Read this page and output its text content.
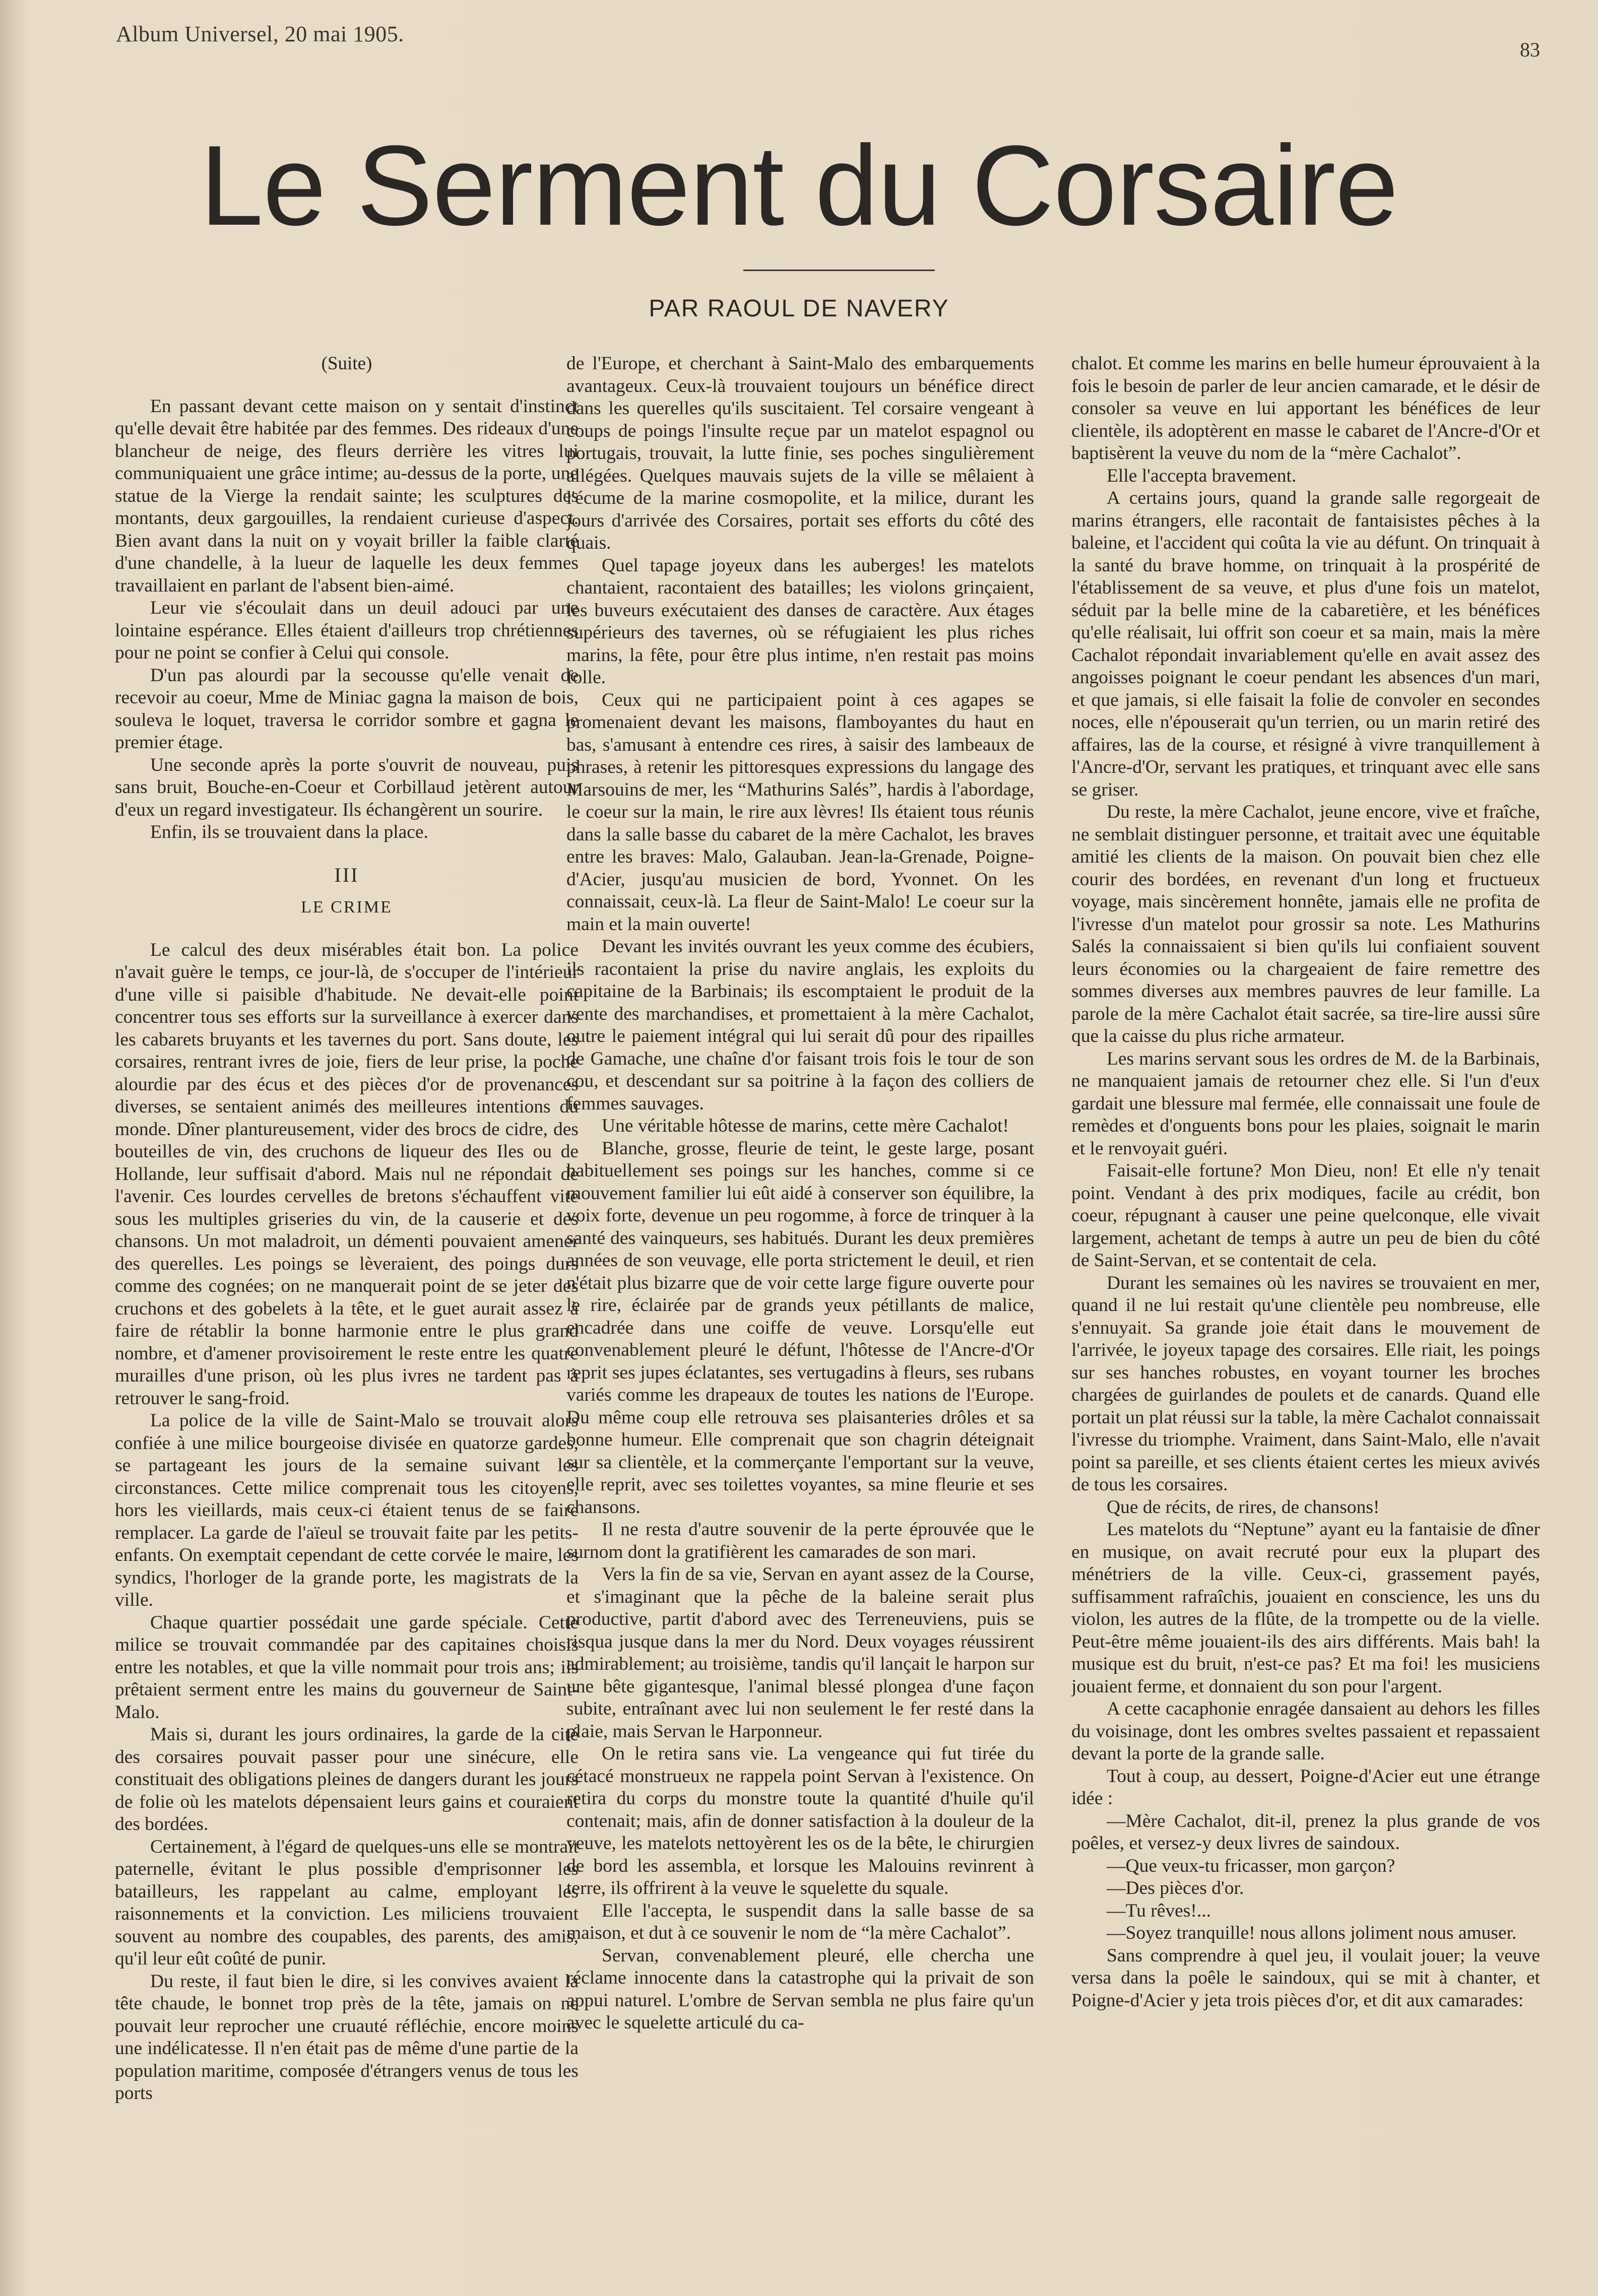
Album Universel, 20 mai 1905.
83
Le Serment du Corsaire
PAR RAOUL DE NAVERY

(Suite)

En passant devant cette maison on y sentait d'instinct qu'elle devait être habitée par des femmes. Des rideaux d'une blancheur de neige, des fleurs derrière les vitres lui communiquaient une grâce intime; au-dessus de la porte, une statue de la Vierge la rendait sainte; les sculptures des montants, deux gargouilles, la rendaient curieuse d'aspect. Bien avant dans la nuit on y voyait briller la faible clarté d'une chandelle, à la lueur de laquelle les deux femmes travaillaient en parlant de l'absent bien-aimé.

Leur vie s'écoulait dans un deuil adouci par une lointaine espérance. Elles étaient d'ailleurs trop chrétiennes pour ne point se confier à Celui qui console.

D'un pas alourdi par la secousse qu'elle venait de recevoir au coeur, Mme de Miniac gagna la maison de bois, souleva le loquet, traversa le corridor sombre et gagna le premier étage.

Une seconde après la porte s'ouvrit de nouveau, puis sans bruit, Bouche-en-Coeur et Corbillaud jetèrent autour d'eux un regard investigateur. Ils échangèrent un sourire.

Enfin, ils se trouvaient dans la place.

III

LE CRIME

Le calcul des deux misérables était bon. La police n'avait guère le temps, ce jour-là, de s'occuper de l'intérieur d'une ville si paisible d'habitude. Ne devait-elle point concentrer tous ses efforts sur la surveillance à exercer dans les cabarets bruyants et les tavernes du port. Sans doute, les corsaires, rentrant ivres de joie, fiers de leur prise, la poche alourdie par des écus et des pièces d'or de provenances diverses, se sentaient animés des meilleures intentions du monde. Dîner plantureusement, vider des brocs de cidre, des bouteilles de vin, des cruchons de liqueur des Iles ou de Hollande, leur suffisait d'abord. Mais nul ne répondait de l'avenir. Ces lourdes cervelles de bretons s'échauffent vite sous les multiples griseries du vin, de la causerie et des chansons. Un mot maladroit, un démenti pouvaient amener des querelles. Les poings se lèveraient, des poings durs comme des cognées; on ne manquerait point de se jeter des cruchons et des gobelets à la tête, et le guet aurait assez à faire de rétablir la bonne harmonie entre le plus grand nombre, et d'amener provisoirement le reste entre les quatre murailles d'une prison, où les plus ivres ne tardent pas à retrouver le sang-froid.

La police de la ville de Saint-Malo se trouvait alors confiée à une milice bourgeoise divisée en quatorze gardes, se partageant les jours de la semaine suivant les circonstances. Cette milice comprenait tous les citoyens, hors les vieillards, mais ceux-ci étaient tenus de se faire remplacer. La garde de l'aïeul se trouvait faite par les petits-enfants. On exemptait cependant de cette corvée le maire, les syndics, l'horloger de la grande porte, les magistrats de la ville.

Chaque quartier possédait une garde spéciale. Cette milice se trouvait commandée par des capitaines choisis entre les notables, et que la ville nommait pour trois ans; ils prêtaient serment entre les mains du gouverneur de Saint-Malo.

Mais si, durant les jours ordinaires, la garde de la cité des corsaires pouvait passer pour une sinécure, elle constituait des obligations pleines de dangers durant les jours de folie où les matelots dépensaient leurs gains et couraient des bordées.

Certainement, à l'égard de quelques-uns elle se montrait paternelle, évitant le plus possible d'emprisonner les batailleurs, les rappelant au calme, employant les raisonnements et la conviction. Les miliciens trouvaient souvent au nombre des coupables, des parents, des amis, qu'il leur eût coûté de punir.

Du reste, il faut bien le dire, si les convives avaient la tête chaude, le bonnet trop près de la tête, jamais on ne pouvait leur reprocher une cruauté réfléchie, encore moins une indélicatesse. Il n'en était pas de même d'une partie de la population maritime, composée d'étrangers venus de tous les ports

de l'Europe, et cherchant à Saint-Malo des embarquements avantageux. Ceux-là trouvaient toujours un bénéfice direct dans les querelles qu'ils suscitaient. Tel corsaire vengeant à coups de poings l'insulte reçue par un matelot espagnol ou portugais, trouvait, la lutte finie, ses poches singulièrement allégées. Quelques mauvais sujets de la ville se mêlaient à l'écume de la marine cosmopolite, et la milice, durant les jours d'arrivée des Corsaires, portait ses efforts du côté des quais.

Quel tapage joyeux dans les auberges! les matelots chantaient, racontaient des batailles; les violons grinçaient, les buveurs exécutaient des danses de caractère. Aux étages supérieurs des tavernes, où se réfugiaient les plus riches marins, la fête, pour être plus intime, n'en restait pas moins folle.

Ceux qui ne participaient point à ces agapes se promenaient devant les maisons, flamboyantes du haut en bas, s'amusant à entendre ces rires, à saisir des lambeaux de phrases, à retenir les pittoresques expressions du langage des Marsouins de mer, les “Mathurins Salés”, hardis à l'abordage, le coeur sur la main, le rire aux lèvres! Ils étaient tous réunis dans la salle basse du cabaret de la mère Cachalot, les braves entre les braves: Malo, Galauban. Jean-la-Grenade, Poigne-d'Acier, jusqu'au musicien de bord, Yvonnet. On les connaissait, ceux-là. La fleur de Saint-Malo! Le coeur sur la main et la main ouverte!

Devant les invités ouvrant les yeux comme des écubiers, ils racontaient la prise du navire anglais, les exploits du capitaine de la Barbinais; ils escomptaient le produit de la vente des marchandises, et promettaient à la mère Cachalot, outre le paiement intégral qui lui serait dû pour des ripailles de Gamache, une chaîne d'or faisant trois fois le tour de son cou, et descendant sur sa poitrine à la façon des colliers de femmes sauvages.

Une véritable hôtesse de marins, cette mère Cachalot!

Blanche, grosse, fleurie de teint, le geste large, posant habituellement ses poings sur les hanches, comme si ce mouvement familier lui eût aidé à conserver son équilibre, la voix forte, devenue un peu rogomme, à force de trinquer à la santé des vainqueurs, ses habitués. Durant les deux premières années de son veuvage, elle porta strictement le deuil, et rien n'était plus bizarre que de voir cette large figure ouverte pour le rire, éclairée par de grands yeux pétillants de malice, encadrée dans une coiffe de veuve. Lorsqu'elle eut convenablement pleuré le défunt, l'hôtesse de l'Ancre-d'Or reprit ses jupes éclatantes, ses vertugadins à fleurs, ses rubans variés comme les drapeaux de toutes les nations de l'Europe. Du même coup elle retrouva ses plaisanteries drôles et sa bonne humeur. Elle comprenait que son chagrin déteignait sur sa clientèle, et la commerçante l'emportant sur la veuve, elle reprit, avec ses toilettes voyantes, sa mine fleurie et ses chansons.

Il ne resta d'autre souvenir de la perte éprouvée que le surnom dont la gratifièrent les camarades de son mari.

Vers la fin de sa vie, Servan en ayant assez de la Course, et s'imaginant que la pêche de la baleine serait plus productive, partit d'abord avec des Terreneuviens, puis se risqua jusque dans la mer du Nord. Deux voyages réussirent admirablement; au troisième, tandis qu'il lançait le harpon sur une bête gigantesque, l'animal blessé plongea d'une façon subite, entraînant avec lui non seulement le fer resté dans la plaie, mais Servan le Harponneur.

On le retira sans vie. La vengeance qui fut tirée du cétacé monstrueux ne rappela point Servan à l'existence. On retira du corps du monstre toute la quantité d'huile qu'il contenait; mais, afin de donner satisfaction à la douleur de la veuve, les matelots nettoyèrent les os de la bête, le chirurgien de bord les assembla, et lorsque les Malouins revinrent à terre, ils offrirent à la veuve le squelette du squale.

Elle l'accepta, le suspendit dans la salle basse de sa maison, et dut à ce souvenir le nom de “la mère Cachalot”.

Servan, convenablement pleuré, elle chercha une réclame innocente dans la catastrophe qui la privait de son appui naturel. L'ombre de Servan sembla ne plus faire qu'un avec le squelette articulé du ca-

chalot. Et comme les marins en belle humeur éprouvaient à la fois le besoin de parler de leur ancien camarade, et le désir de consoler sa veuve en lui apportant les bénéfices de leur clientèle, ils adoptèrent en masse le cabaret de l'Ancre-d'Or et baptisèrent la veuve du nom de la “mère Cachalot”.

Elle l'accepta bravement.

A certains jours, quand la grande salle regorgeait de marins étrangers, elle racontait de fantaisistes pêches à la baleine, et l'accident qui coûta la vie au défunt. On trinquait à la santé du brave homme, on trinquait à la prospérité de l'établissement de sa veuve, et plus d'une fois un matelot, séduit par la belle mine de la cabaretière, et les bénéfices qu'elle réalisait, lui offrit son coeur et sa main, mais la mère Cachalot répondait invariablement qu'elle en avait assez des angoisses poignant le coeur pendant les absences d'un mari, et que jamais, si elle faisait la folie de convoler en secondes noces, elle n'épouserait qu'un terrien, ou un marin retiré des affaires, las de la course, et résigné à vivre tranquillement à l'Ancre-d'Or, servant les pratiques, et trinquant avec elle sans se griser.

Du reste, la mère Cachalot, jeune encore, vive et fraîche, ne semblait distinguer personne, et traitait avec une équitable amitié les clients de la maison. On pouvait bien chez elle courir des bordées, en revenant d'un long et fructueux voyage, mais sincèrement honnête, jamais elle ne profita de l'ivresse d'un matelot pour grossir sa note. Les Mathurins Salés la connaissaient si bien qu'ils lui confiaient souvent leurs économies ou la chargeaient de faire remettre des sommes diverses aux membres pauvres de leur famille. La parole de la mère Cachalot était sacrée, sa tire-lire aussi sûre que la caisse du plus riche armateur.

Les marins servant sous les ordres de M. de la Barbinais, ne manquaient jamais de retourner chez elle. Si l'un d'eux gardait une blessure mal fermée, elle connaissait une foule de remèdes et d'onguents bons pour les plaies, soignait le marin et le renvoyait guéri.

Faisait-elle fortune? Mon Dieu, non! Et elle n'y tenait point. Vendant à des prix modiques, facile au crédit, bon coeur, répugnant à causer une peine quelconque, elle vivait largement, achetant de temps à autre un peu de bien du côté de Saint-Servan, et se contentait de cela.

Durant les semaines où les navires se trouvaient en mer, quand il ne lui restait qu'une clientèle peu nombreuse, elle s'ennuyait. Sa grande joie était dans le mouvement de l'arrivée, le joyeux tapage des corsaires. Elle riait, les poings sur ses hanches robustes, en voyant tourner les broches chargées de guirlandes de poulets et de canards. Quand elle portait un plat réussi sur la table, la mère Cachalot connaissait l'ivresse du triomphe. Vraiment, dans Saint-Malo, elle n'avait point sa pareille, et ses clients étaient certes les mieux avivés de tous les corsaires.

Que de récits, de rires, de chansons!

Les matelots du “Neptune” ayant eu la fantaisie de dîner en musique, on avait recruté pour eux la plupart des ménétriers de la ville. Ceux-ci, grassement payés, suffisamment rafraîchis, jouaient en conscience, les uns du violon, les autres de la flûte, de la trompette ou de la vielle. Peut-être même jouaient-ils des airs différents. Mais bah! la musique est du bruit, n'est-ce pas? Et ma foi! les musiciens jouaient ferme, et donnaient du son pour l'argent.

A cette cacaphonie enragée dansaient au dehors les filles du voisinage, dont les ombres sveltes passaient et repassaient devant la porte de la grande salle.

Tout à coup, au dessert, Poigne-d'Acier eut une étrange idée :

—Mère Cachalot, dit-il, prenez la plus grande de vos poêles, et versez-y deux livres de saindoux.

—Que veux-tu fricasser, mon garçon?

—Des pièces d'or.

—Tu rêves!...

—Soyez tranquille! nous allons joliment nous amuser.

Sans comprendre à quel jeu, il voulait jouer; la veuve versa dans la poêle le saindoux, qui se mit à chanter, et Poigne-d'Acier y jeta trois pièces d'or, et dit aux camarades:
